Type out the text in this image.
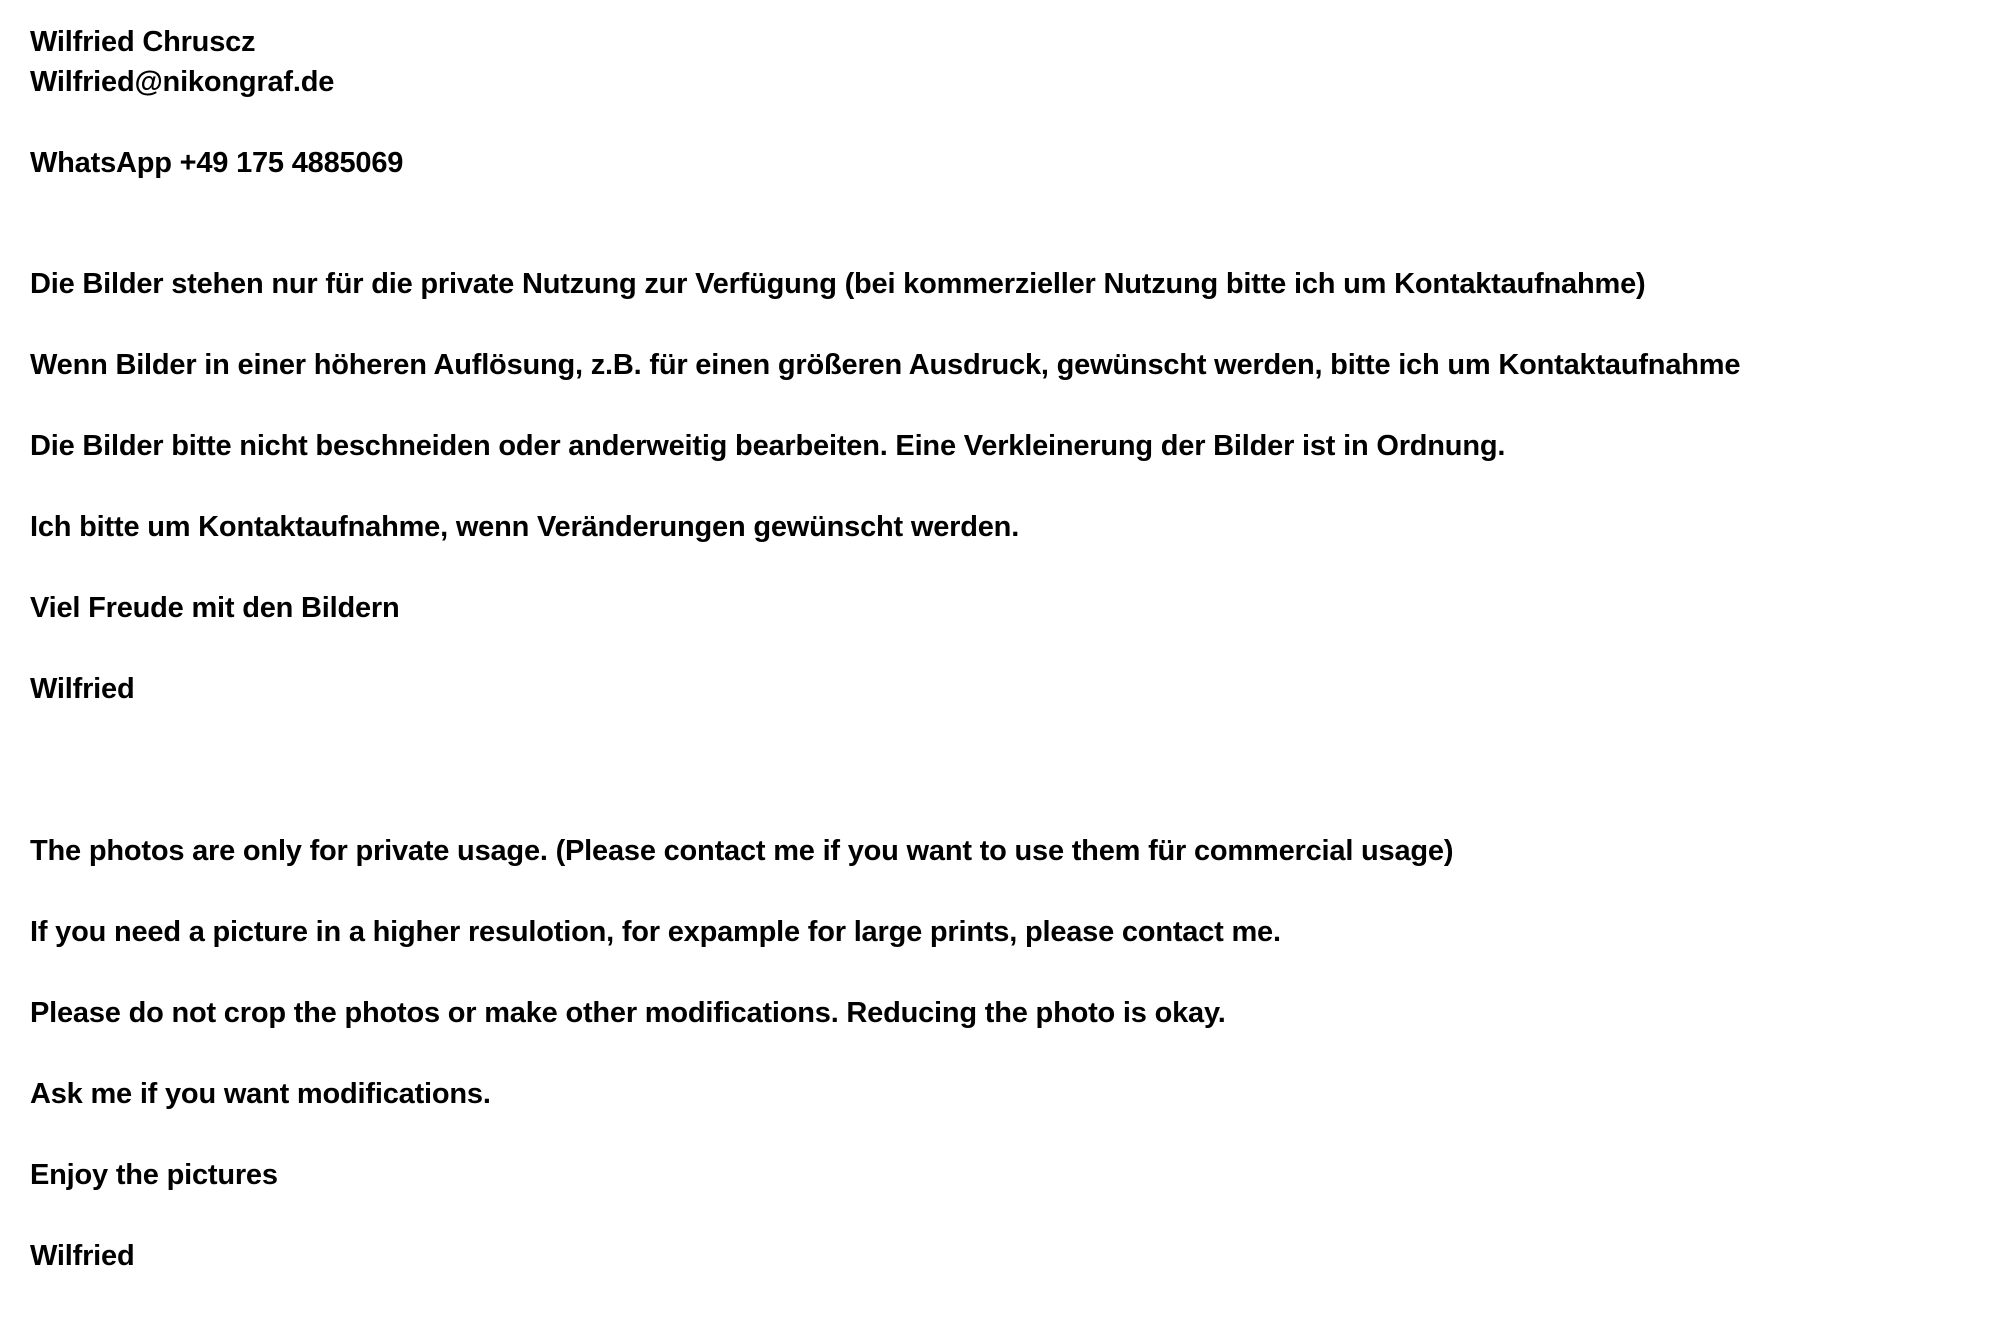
Wilfried Chruscz

Wilfried@nikongraf.de

WhatsApp +49 175 4885069

Die Bilder stehen nur für die private Nutzung zur Verfügung (bei kommerzieller Nutzung bitte ich um Kontaktaufnahme)

Wenn Bilder in einer höheren Auflösung, z.B. für einen größeren Ausdruck, gewünscht werden, bitte ich um Kontaktaufnahme

Die Bilder bitte nicht beschneiden oder anderweitig bearbeiten. Eine Verkleinerung der Bilder ist in Ordnung.

Ich bitte um Kontaktaufnahme, wenn Veränderungen gewünscht werden.

Viel Freude mit den Bildern

Wilfried

The photos are only for private usage. (Please contact me if you want to use them für commercial usage)

If you need a picture in a higher resulotion, for expample for large prints, please contact me.

Please do not crop the photos or make other modifications. Reducing the photo is okay.

Ask me if you want modifications.

Enjoy the pictures

Wilfried
